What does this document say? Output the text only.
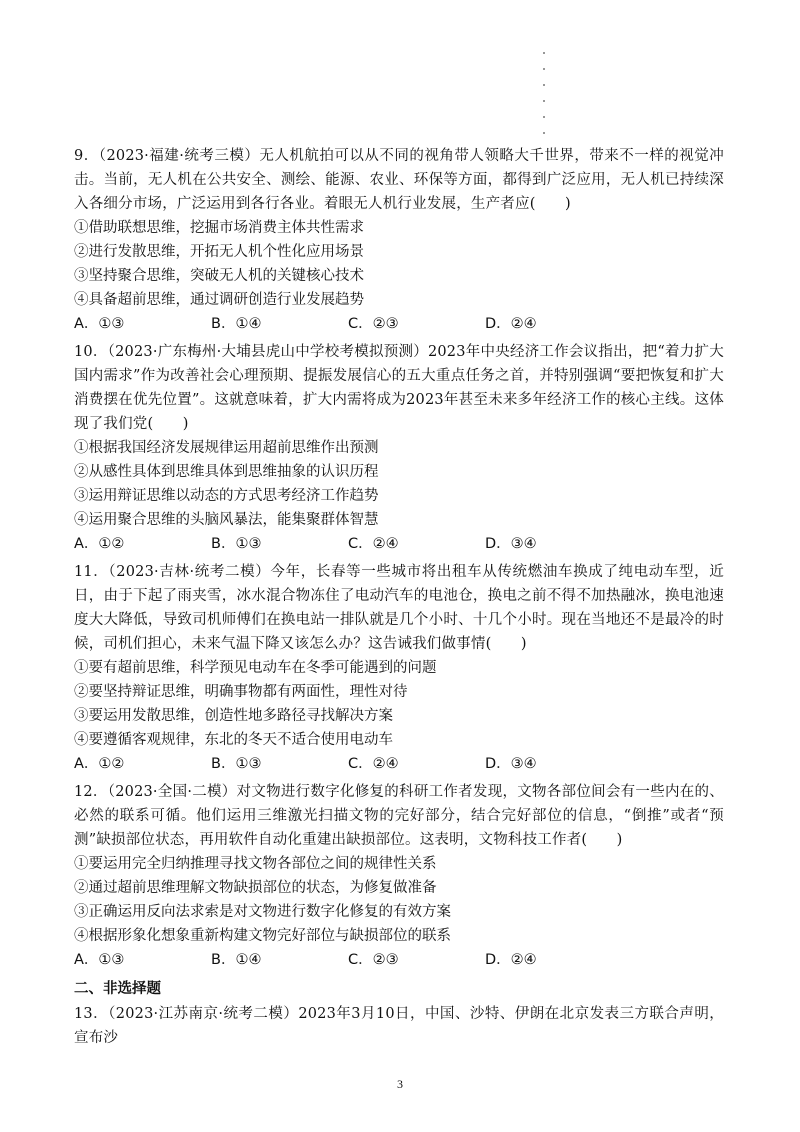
9．（2023·福建·统考三模）无人机航拍可以从不同的视角带人领略大千世界，带来不一样的视觉冲击。当前，无人机在公共安全、测绘、能源、农业、环保等方面，都得到广泛应用，无人机已持续深入各细分市场，广泛运用到各行各业。着眼无人机行业发展，生产者应(　　)

①借助联想思维，挖掘市场消费主体共性需求

②进行发散思维，开拓无人机个性化应用场景

③坚持聚合思维，突破无人机的关键核心技术

④具备超前思维，通过调研创造行业发展趋势

A．①③	B．①④	C．②③	D．②④

10．（2023·广东梅州·大埔县虎山中学校考模拟预测）2023年中央经济工作会议指出，把“着力扩大国内需求”作为改善社会心理预期、提振发展信心的五大重点任务之首，并特别强调“要把恢复和扩大消费摆在优先位置”。这就意味着，扩大内需将成为2023年甚至未来多年经济工作的核心主线。这体现了我们党(　　)

①根据我国经济发展规律运用超前思维作出预测

②从感性具体到思维具体到思维抽象的认识历程

③运用辩证思维以动态的方式思考经济工作趋势

④运用聚合思维的头脑风暴法，能集聚群体智慧

A．①②	B．①③	C．②④	D．③④

11．（2023·吉林·统考二模）今年，长春等一些城市将出租车从传统燃油车换成了纯电动车型，近日，由于下起了雨夹雪，冰水混合物冻住了电动汽车的电池仓，换电之前不得不加热融冰，换电池速度大大降低，导致司机师傅们在换电站一排队就是几个小时、十几个小时。现在当地还不是最冷的时候，司机们担心，未来气温下降又该怎么办？这告诫我们做事情(　　)

①要有超前思维，科学预见电动车在冬季可能遇到的问题

②要坚持辩证思维，明确事物都有两面性，理性对待

③要运用发散思维，创造性地多路径寻找解决方案

④要遵循客观规律，东北的冬天不适合使用电动车

A．①②	B．①③	C．②④	D．③④

12．（2023·全国·二模）对文物进行数字化修复的科研工作者发现，文物各部位间会有一些内在的、必然的联系可循。他们运用三维激光扫描文物的完好部分，结合完好部位的信息，“倒推”或者“预测”缺损部位状态，再用软件自动化重建出缺损部位。这表明，文物科技工作者(　　)

①要运用完全归纳推理寻找文物各部位之间的规律性关系

②通过超前思维理解文物缺损部位的状态，为修复做准备

③正确运用反向法求索是对文物进行数字化修复的有效方案

④根据形象化想象重新构建文物完好部位与缺损部位的联系

A．①③	B．①④	C．②③	D．②④

二、非选择题

13．（2023·江苏南京·统考二模）2023年3月10日，中国、沙特、伊朗在北京发表三方联合声明，宣布沙

3
